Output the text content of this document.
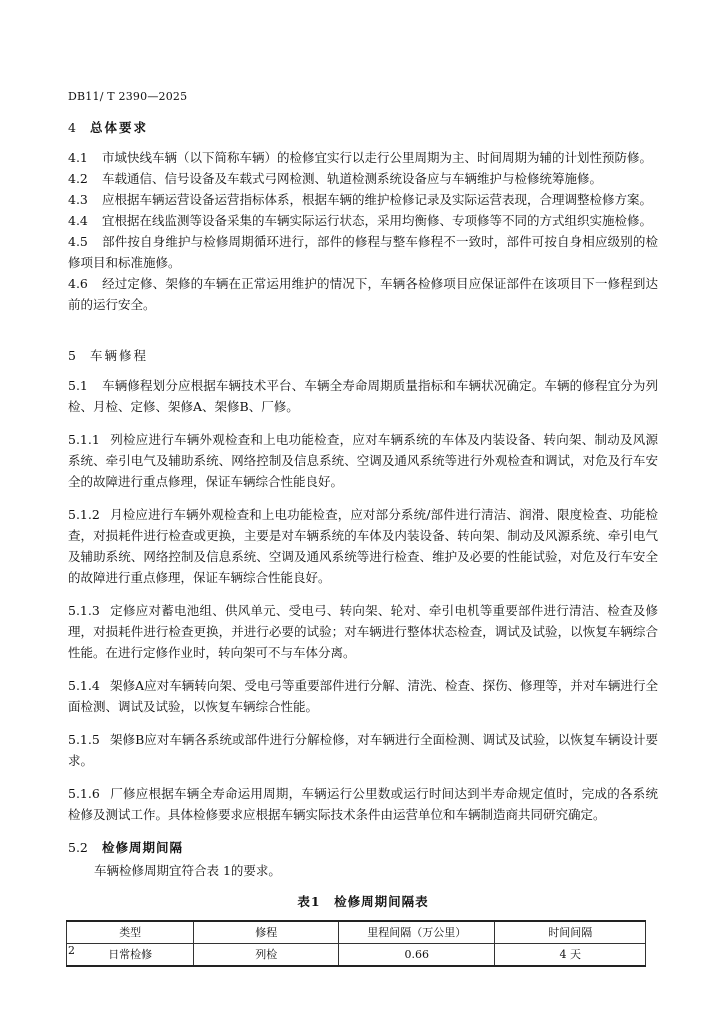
DB11/ T 2390—2025
4 总体要求
4.1 市域快线车辆（以下简称车辆）的检修宜实行以走行公里周期为主、时间周期为辅的计划性预防修。
4.2 车载通信、信号设备及车载式弓网检测、轨道检测系统设备应与车辆维护与检修统筹施修。
4.3 应根据车辆运营设备运营指标体系，根据车辆的维护检修记录及实际运营表现，合理调整检修方案。
4.4 宜根据在线监测等设备采集的车辆实际运行状态，采用均衡修、专项修等不同的方式组织实施检修。
4.5 部件按自身维护与检修周期循环进行，部件的修程与整车修程不一致时，部件可按自身相应级别的检修项目和标准施修。
4.6 经过定修、架修的车辆在正常运用维护的情况下，车辆各检修项目应保证部件在该项目下一修程到达前的运行安全。
5 车辆修程
5.1 车辆修程划分应根据车辆技术平台、车辆全寿命周期质量指标和车辆状况确定。车辆的修程宜分为列检、月检、定修、架修A、架修B、厂修。
5.1.1 列检应进行车辆外观检查和上电功能检查，应对车辆系统的车体及内装设备、转向架、制动及风源系统、牵引电气及辅助系统、网络控制及信息系统、空调及通风系统等进行外观检查和调试，对危及行车安全的故障进行重点修理，保证车辆综合性能良好。
5.1.2 月检应进行车辆外观检查和上电功能检查，应对部分系统/部件进行清洁、润滑、限度检查、功能检查，对损耗件进行检查或更换，主要是对车辆系统的车体及内装设备、转向架、制动及风源系统、牵引电气及辅助系统、网络控制及信息系统、空调及通风系统等进行检查、维护及必要的性能试验，对危及行车安全的故障进行重点修理，保证车辆综合性能良好。
5.1.3 定修应对蓄电池组、供风单元、受电弓、转向架、轮对、牵引电机等重要部件进行清洁、检查及修理，对损耗件进行检查更换，并进行必要的试验；对车辆进行整体状态检查，调试及试验，以恢复车辆综合性能。在进行定修作业时，转向架可不与车体分离。
5.1.4 架修A应对车辆转向架、受电弓等重要部件进行分解、清洗、检查、探伤、修理等，并对车辆进行全面检测、调试及试验，以恢复车辆综合性能。
5.1.5 架修B应对车辆各系统或部件进行分解检修，对车辆进行全面检测、调试及试验，以恢复车辆设计要求。
5.1.6 厂修应根据车辆全寿命运用周期，车辆运行公里数或运行时间达到半寿命规定值时，完成的各系统检修及测试工作。具体检修要求应根据车辆实际技术条件由运营单位和车辆制造商共同研究确定。
5.2 检修周期间隔
车辆检修周期宜符合表 1的要求。
表1　检修周期间隔表
类型	修程	里程间隔（万公里）	时间间隔
日常检修	列检	0.66	4 天
2
